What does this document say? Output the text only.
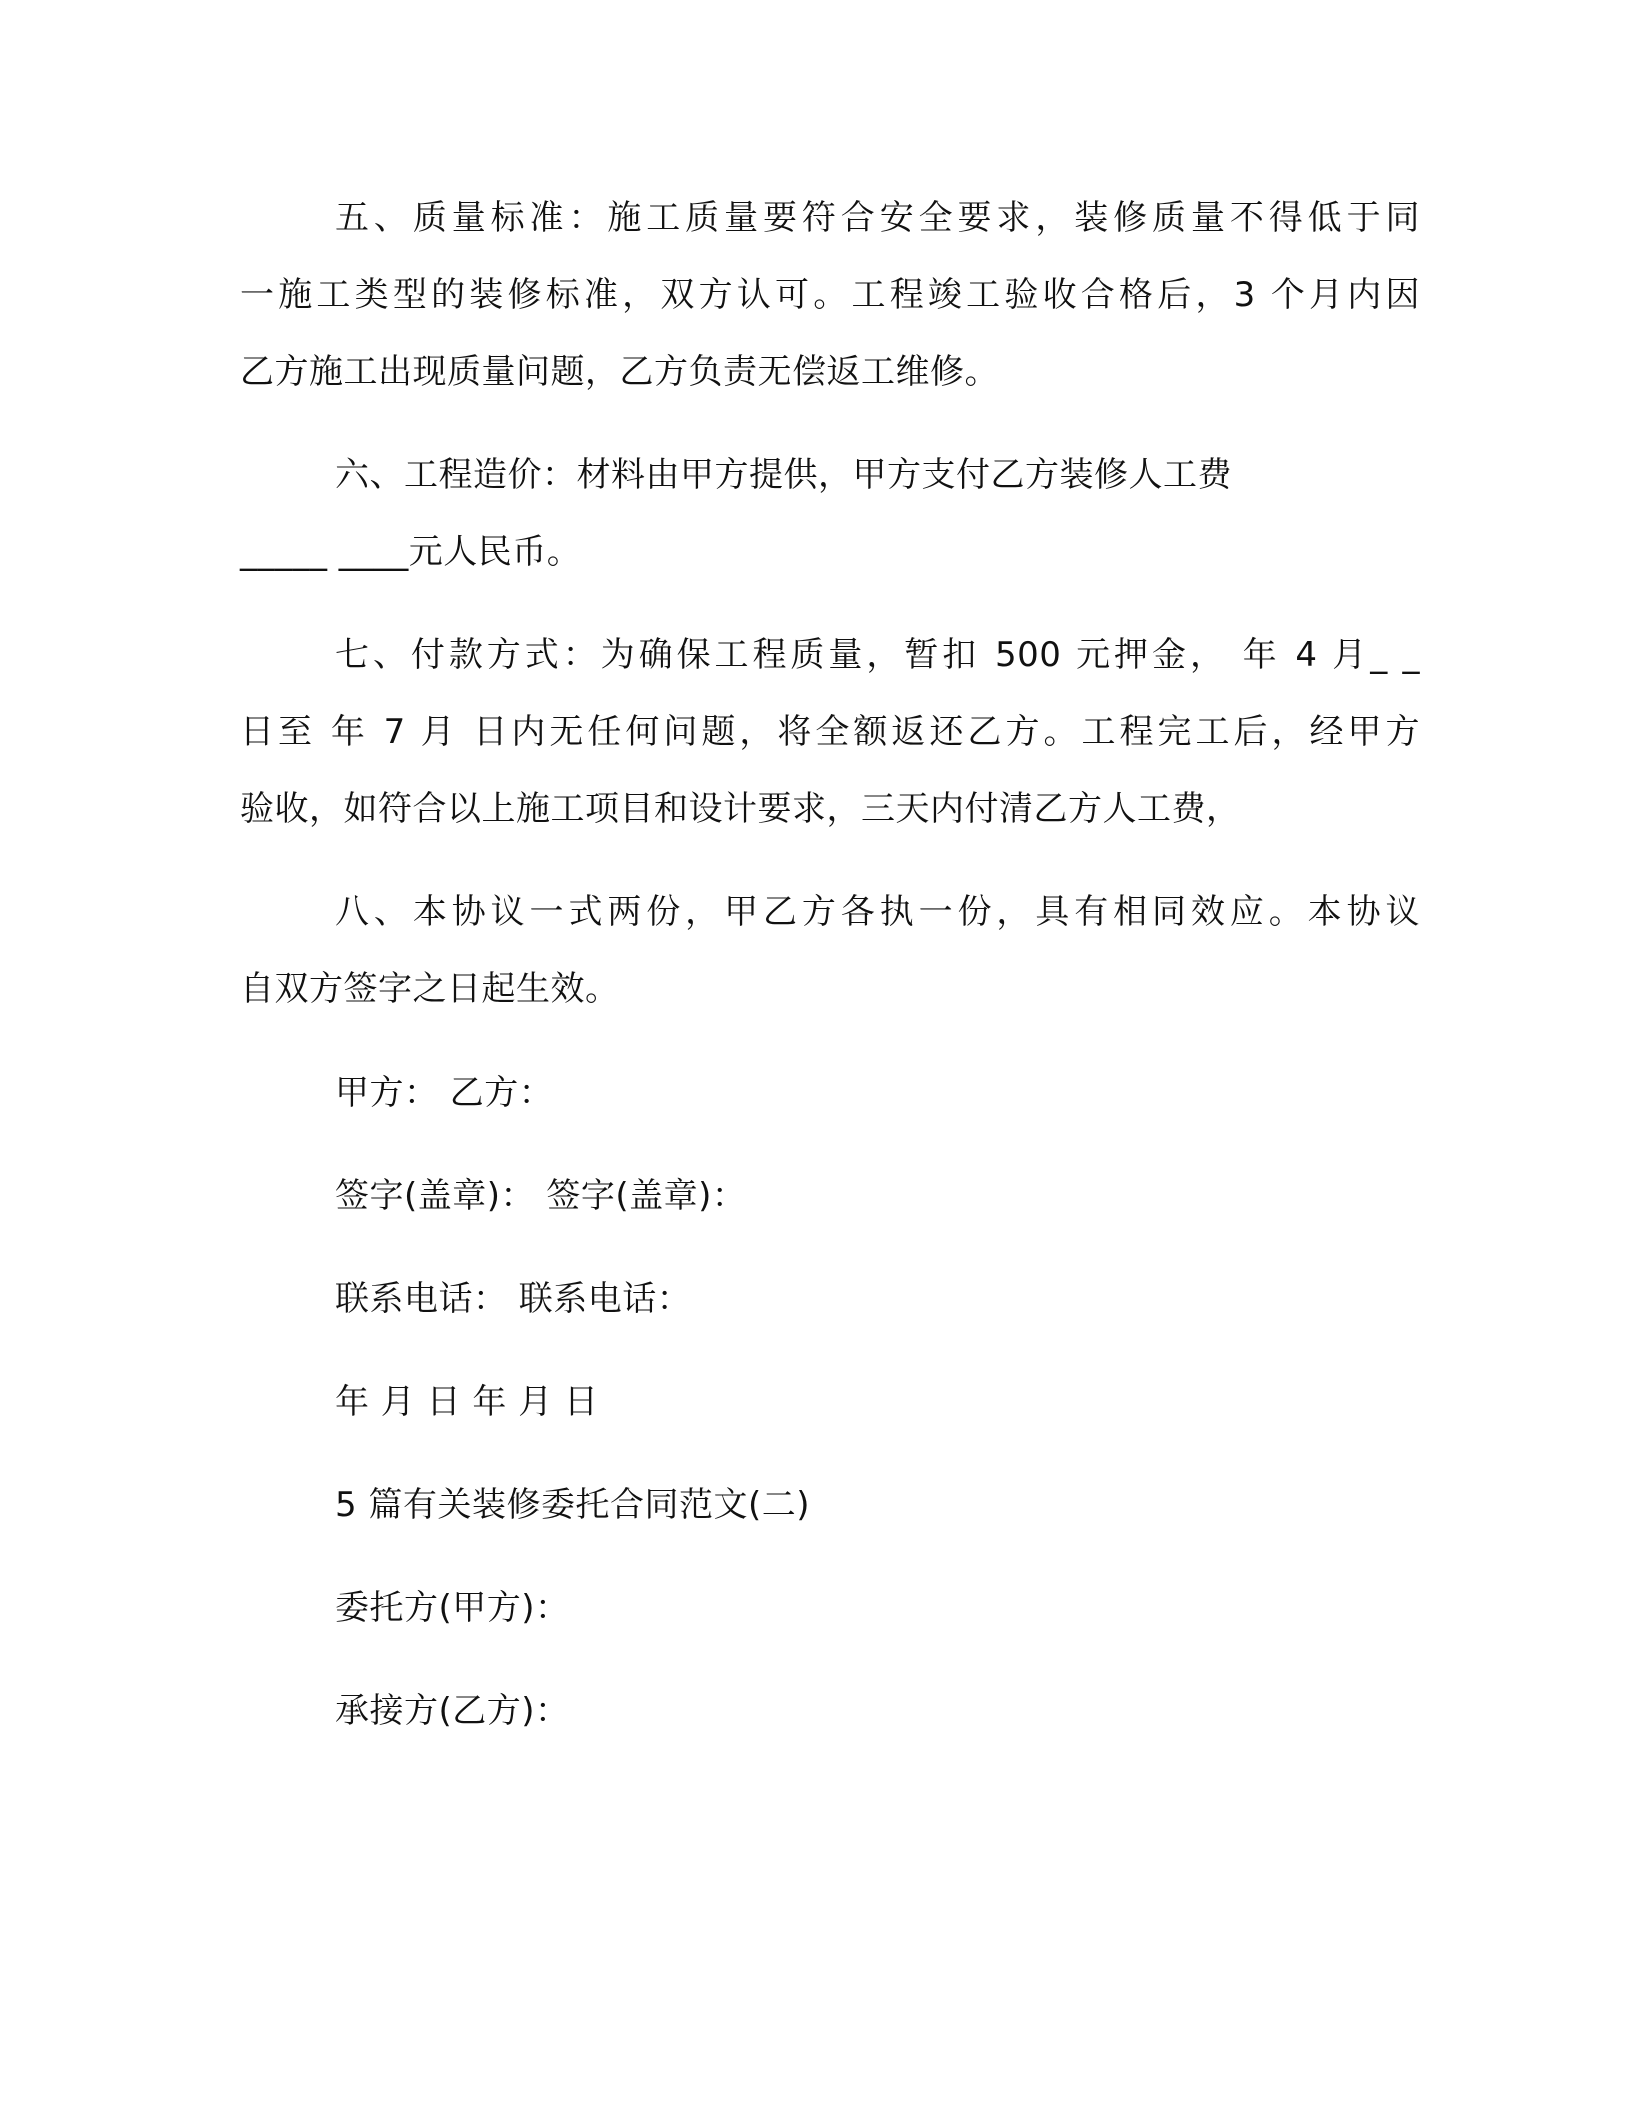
五、质量标准：施工质量要符合安全要求，装修质量不得低于同
一施工类型的装修标准，双方认可。工程竣工验收合格后，3 个月内因
乙方施工出现质量问题，乙方负责无偿返工维修。
六、工程造价：材料由甲方提供，甲方支付乙方装修人工费
_____ ____元人民币。
七、付款方式：为确保工程质量，暂扣 500 元押金， 年 4 月_ _
日至 年 7 月 日内无任何问题，将全额返还乙方。工程完工后，经甲方
验收，如符合以上施工项目和设计要求，三天内付清乙方人工费，
八、本协议一式两份，甲乙方各执一份，具有相同效应。本协议
自双方签字之日起生效。
甲方： 乙方：
签字(盖章)： 签字(盖章)：
联系电话： 联系电话：
年 月 日 年 月 日
5 篇有关装修委托合同范文(二)
委托方(甲方)：
承接方(乙方)：
